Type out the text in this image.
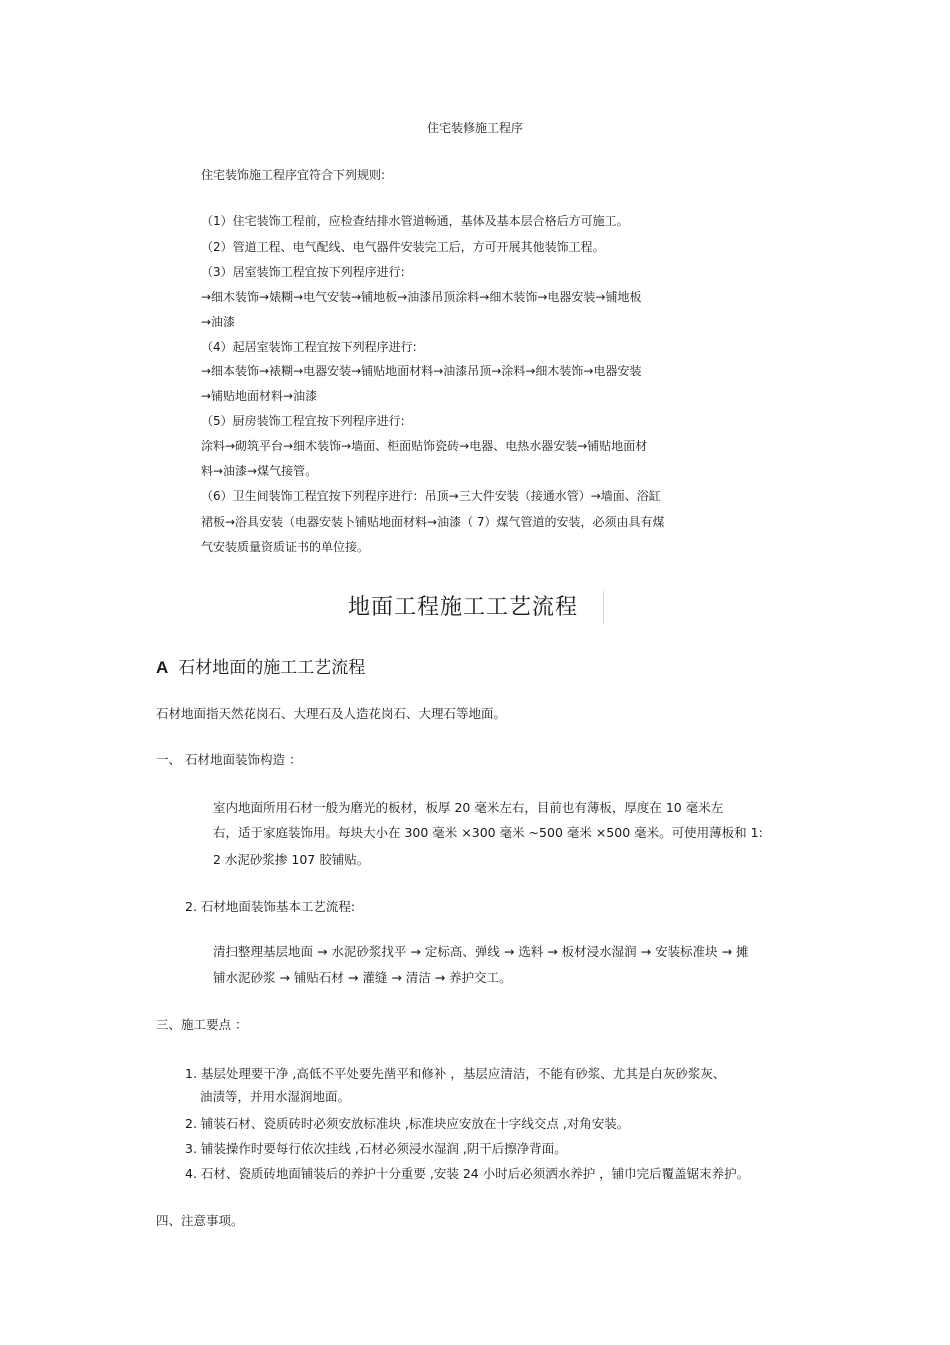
住宅装修施工程序
住宅装饰施工程序宜符合下列规则:
（1）住宅装饰工程前，应检查结排水管道畅通，基体及基本层合格后方可施工。
（2）管道工程、电气配线、电气器件安装完工后，方可开展其他装饰工程。
（3）居室装饰工程宜按下列程序进行:
→细木装饰→婊糊→电气安装→铺地板→油漆吊顶涂料→细木装饰→电器安装→铺地板
→油漆
（4）起居室装饰工程宜按下列程序进行:
→细本装饰→裱糊→电器安装→铺贴地面材料→油漆吊顶→涂料→细木装饰→电器安装
→铺贴地面材料→油漆
（5）厨房装饰工程宜按下列程序进行:
涂料→砌筑平台→细木装饰→墙面、柜面贴饰瓷砖→电器、电热水器安装→铺贴地面材
料→油漆→煤气接管。
（6）卫生间装饰工程宜按下列程序进行：吊顶→三大件安装（接通水管）→墙面、浴缸
裙板→浴具安装（电器安装卜铺贴地面材料→油漆（ 7）煤气管道的安装，必须由具有煤
气安装质量资质证书的单位接。
地面工程施工工艺流程
A 石材地面的施工工艺流程
石材地面指天然花岗石、大理石及人造花岗石、大理石等地面。
一、 石材地面装饰构造 ：
室内地面所用石材一般为磨光的板材，板厚 20 毫米左右，目前也有薄板，厚度在 10 毫米左
右，适于家庭装饰用。每块大小在 300 毫米 ×300 毫米 ~500 毫米 ×500 毫米。可使用薄板和 1:
2 水泥砂浆掺 107 胶铺贴。
2. 石材地面装饰基本工艺流程:
清扫整理基层地面 → 水泥砂浆找平 → 定标高、弹线 → 选料 → 板材浸水湿润 → 安装标准块 → 摊
铺水泥砂浆 → 铺贴石材 → 灌缝 → 清洁 → 养护交工。
三、施工要点 ：
1. 基层处理要干净 ,高低不平处要先凿平和修补 ，基层应清洁，不能有砂浆、尤其是白灰砂浆灰、
油渍等，并用水湿润地面。
2. 铺装石材、瓷质砖时必须安放标准块 ,标准块应安放在十字线交点 ,对角安装。
3. 铺装操作时要每行依次挂线 ,石材必须浸水湿润 ,阴干后擦净背面。
4. 石材、瓷质砖地面铺装后的养护十分重要 ,安装 24 小时后必须洒水养护 ，铺巾完后覆盖锯末养护。
四、注意事项。
